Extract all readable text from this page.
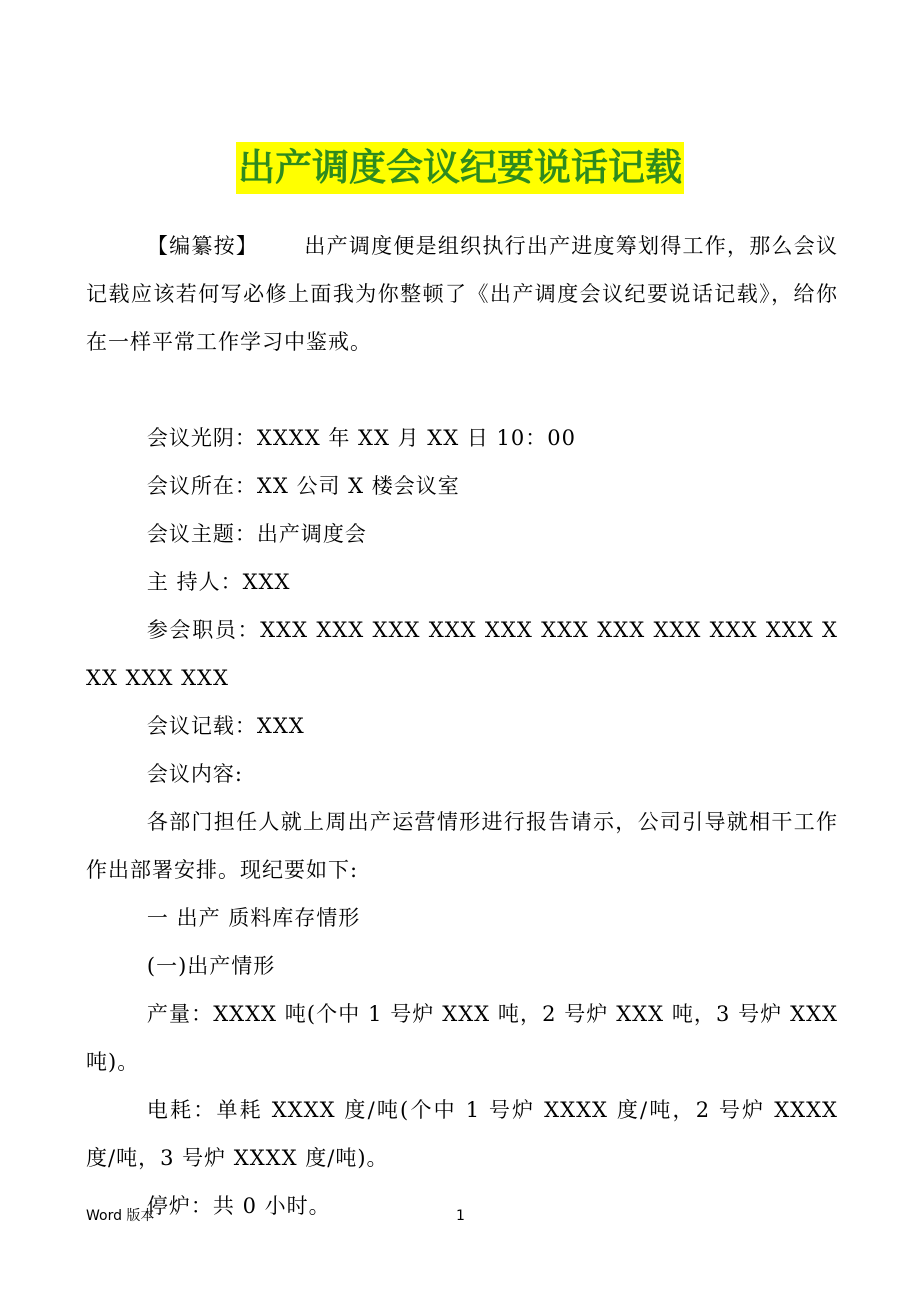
出产调度会议纪要说话记载
【编纂按】 出产调度便是组织执行出产进度筹划得工作，那么会议记载应该若何写必修上面我为你整顿了《出产调度会议纪要说话记载》，给你在一样平常工作学习中鉴戒。
会议光阴：XXXX 年 XX 月 XX 日 10：00
会议所在：XX 公司 X 楼会议室
会议主题：出产调度会
主 持人：XXX
参会职员：XXX XXX XXX XXX XXX XXX XXX XXX XXX XXX XXX XXX XXX
会议记载：XXX
会议内容:
各部门担任人就上周出产运营情形进行报告请示，公司引导就相干工作作出部署安排。现纪要如下:
一 出产 质料库存情形
(一)出产情形
产量：XXXX 吨(个中 1 号炉 XXX 吨，2 号炉 XXX 吨，3 号炉 XXX 吨)。
电耗：单耗 XXXX 度/吨(个中 1 号炉 XXXX 度/吨，2 号炉 XXXX 度/吨，3 号炉 XXXX 度/吨)。
停炉：共 0 小时。
Word 版本	1
